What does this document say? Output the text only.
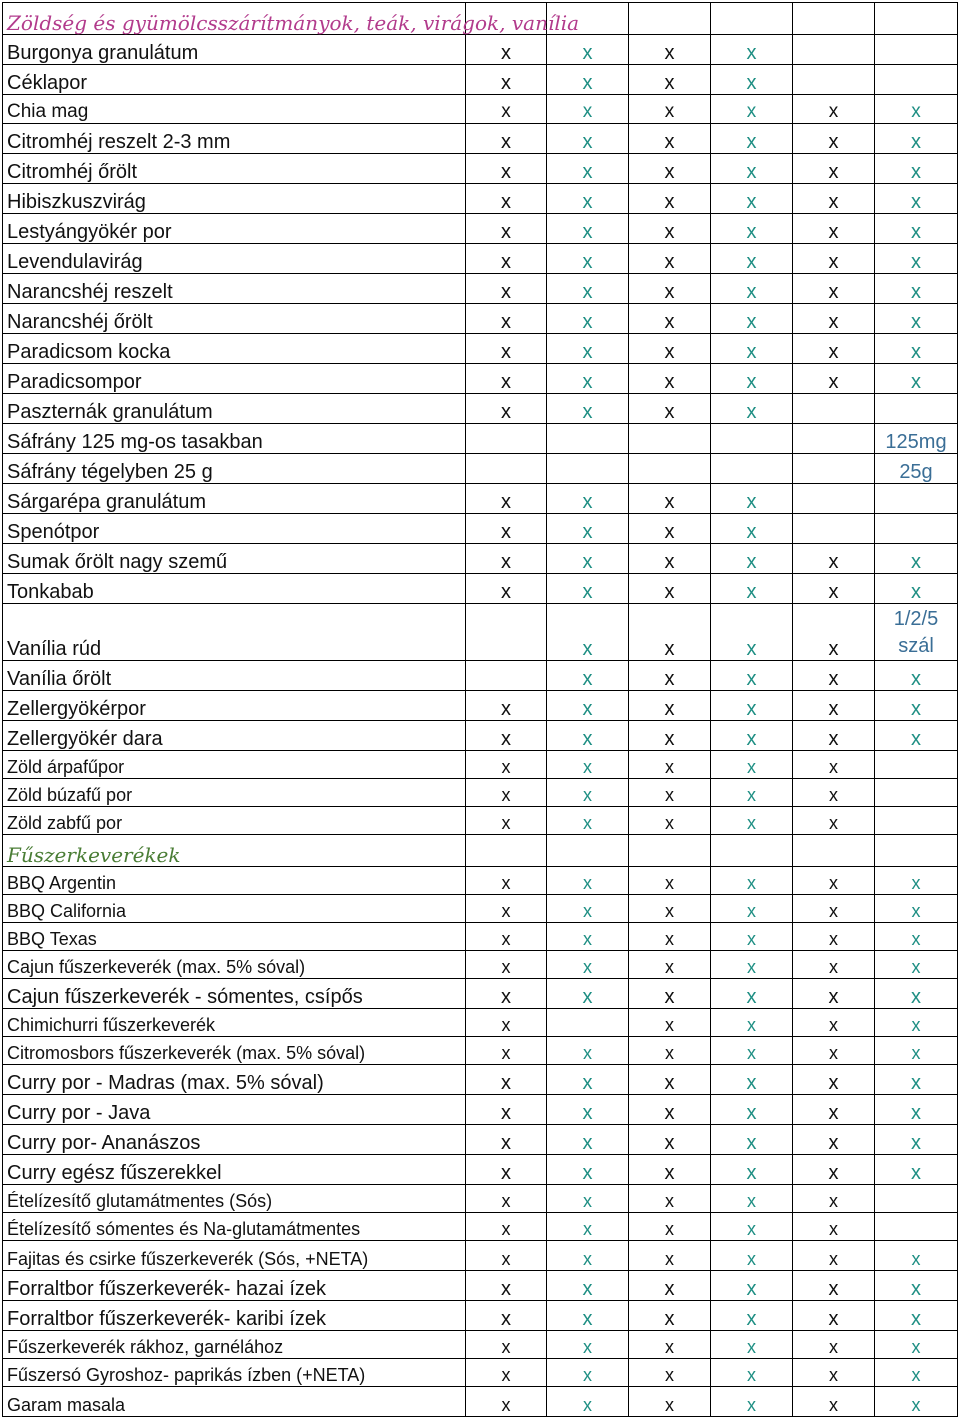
Zöldség és gyümölcsszárítmányok, teák, virágok, vanília						
Burgonya granulátum	x	x	x	x		
Céklapor	x	x	x	x		
Chia mag	x	x	x	x	x	x
Citromhéj reszelt 2-3 mm	x	x	x	x	x	x
Citromhéj őrölt	x	x	x	x	x	x
Hibiszkuszvirág	x	x	x	x	x	x
Lestyángyökér por	x	x	x	x	x	x
Levendulavirág	x	x	x	x	x	x
Narancshéj reszelt	x	x	x	x	x	x
Narancshéj őrölt	x	x	x	x	x	x
Paradicsom kocka	x	x	x	x	x	x
Paradicsompor	x	x	x	x	x	x
Paszternák granulátum	x	x	x	x		
Sáfrány 125 mg-os tasakban						125mg
Sáfrány tégelyben 25 g						25g
Sárgarépa granulátum	x	x	x	x		
Spenótpor	x	x	x	x		
Sumak őrölt nagy szemű	x	x	x	x	x	x
Tonkabab	x	x	x	x	x	x
Vanília rúd		x	x	x	x	1/2/5 szál
Vanília őrölt		x	x	x	x	x
Zellergyökérpor	x	x	x	x	x	x
Zellergyökér dara	x	x	x	x	x	x
Zöld árpafűpor	x	x	x	x	x	
Zöld búzafű por	x	x	x	x	x	
Zöld zabfű por	x	x	x	x	x	
Fűszerkeverékek						
BBQ Argentin	x	x	x	x	x	x
BBQ California	x	x	x	x	x	x
BBQ Texas	x	x	x	x	x	x
Cajun fűszerkeverék (max. 5% sóval)	x	x	x	x	x	x
Cajun fűszerkeverék - sómentes, csípős	x	x	x	x	x	x
Chimichurri fűszerkeverék	x		x	x	x	x
Citromosbors fűszerkeverék (max. 5% sóval)	x	x	x	x	x	x
Curry por - Madras (max. 5% sóval)	x	x	x	x	x	x
Curry por - Java	x	x	x	x	x	x
Curry por- Ananászos	x	x	x	x	x	x
Curry egész fűszerekkel	x	x	x	x	x	x
Ételízesítő glutamátmentes (Sós)	x	x	x	x	x	
Ételízesítő sómentes és Na-glutamátmentes	x	x	x	x	x	
Fajitas és csirke fűszerkeverék (Sós, +NETA)	x	x	x	x	x	x
Forraltbor fűszerkeverék- hazai ízek	x	x	x	x	x	x
Forraltbor fűszerkeverék- karibi ízek	x	x	x	x	x	x
Fűszerkeverék rákhoz, garnélához	x	x	x	x	x	x
Fűszersó Gyroshoz- paprikás ízben (+NETA)	x	x	x	x	x	x
Garam masala	x	x	x	x	x	x
